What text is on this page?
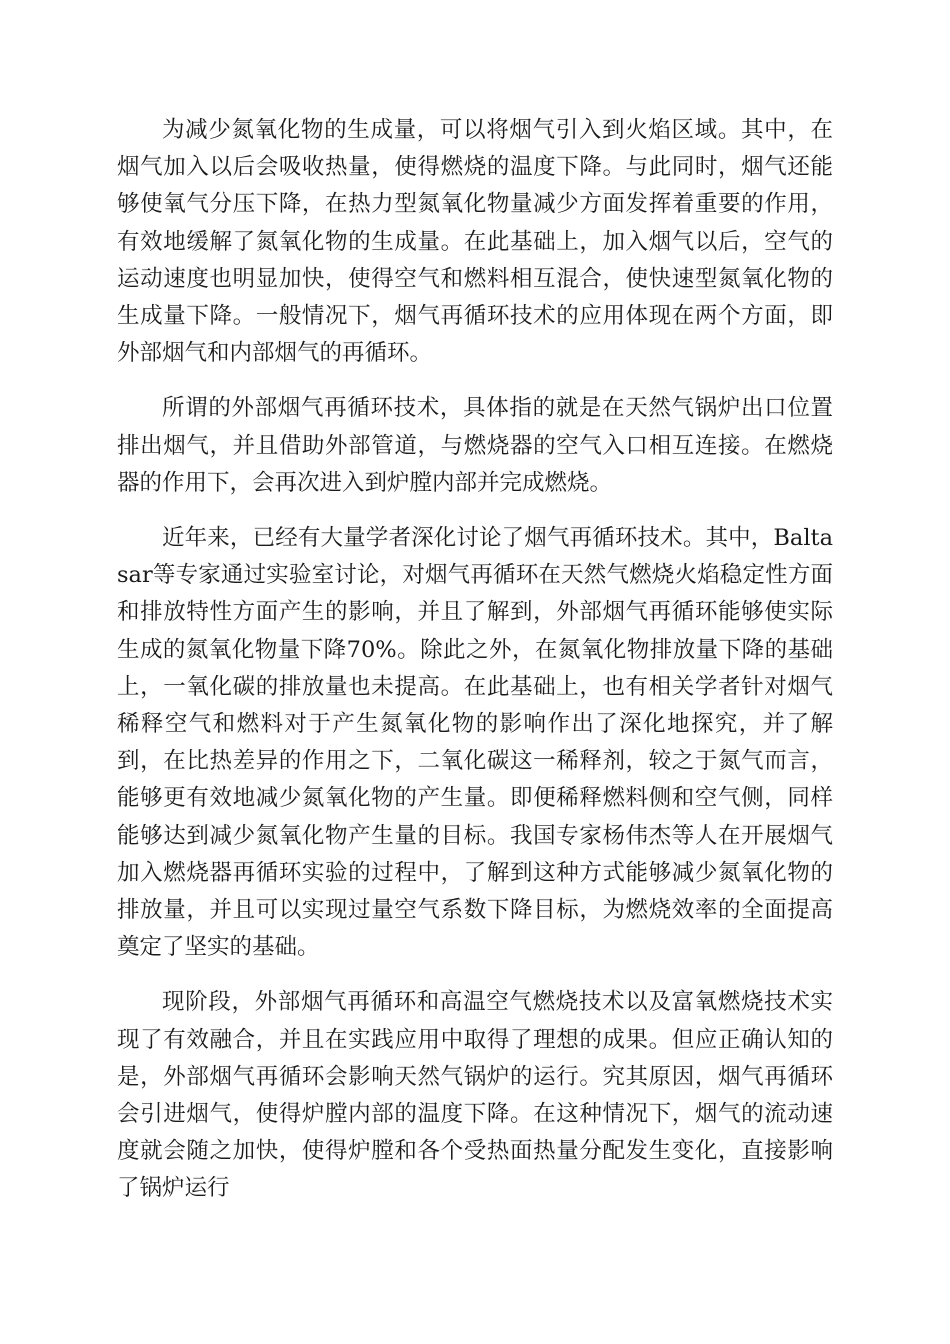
为减少氮氧化物的生成量，可以将烟气引入到火焰区域。其中，在烟气加入以后会吸收热量，使得燃烧的温度下降。与此同时，烟气还能够使氧气分压下降，在热力型氮氧化物量减少方面发挥着重要的作用，有效地缓解了氮氧化物的生成量。在此基础上，加入烟气以后，空气的运动速度也明显加快，使得空气和燃料相互混合，使快速型氮氧化物的生成量下降。一般情况下，烟气再循环技术的应用体现在两个方面，即外部烟气和内部烟气的再循环。

所谓的外部烟气再循环技术，具体指的就是在天然气锅炉出口位置排出烟气，并且借助外部管道，与燃烧器的空气入口相互连接。在燃烧器的作用下，会再次进入到炉膛内部并完成燃烧。

近年来，已经有大量学者深化讨论了烟气再循环技术。其中，Baltasar等专家通过实验室讨论，对烟气再循环在天然气燃烧火焰稳定性方面和排放特性方面产生的影响，并且了解到，外部烟气再循环能够使实际生成的氮氧化物量下降70%。除此之外，在氮氧化物排放量下降的基础上，一氧化碳的排放量也未提高。在此基础上，也有相关学者针对烟气稀释空气和燃料对于产生氮氧化物的影响作出了深化地探究，并了解到，在比热差异的作用之下，二氧化碳这一稀释剂，较之于氮气而言，能够更有效地减少氮氧化物的产生量。即便稀释燃料侧和空气侧，同样能够达到减少氮氧化物产生量的目标。我国专家杨伟杰等人在开展烟气加入燃烧器再循环实验的过程中，了解到这种方式能够减少氮氧化物的排放量，并且可以实现过量空气系数下降目标，为燃烧效率的全面提高奠定了坚实的基础。

现阶段，外部烟气再循环和高温空气燃烧技术以及富氧燃烧技术实现了有效融合，并且在实践应用中取得了理想的成果。但应正确认知的是，外部烟气再循环会影响天然气锅炉的运行。究其原因，烟气再循环会引进烟气，使得炉膛内部的温度下降。在这种情况下，烟气的流动速度就会随之加快，使得炉膛和各个受热面热量分配发生变化，直接影响了锅炉运行
